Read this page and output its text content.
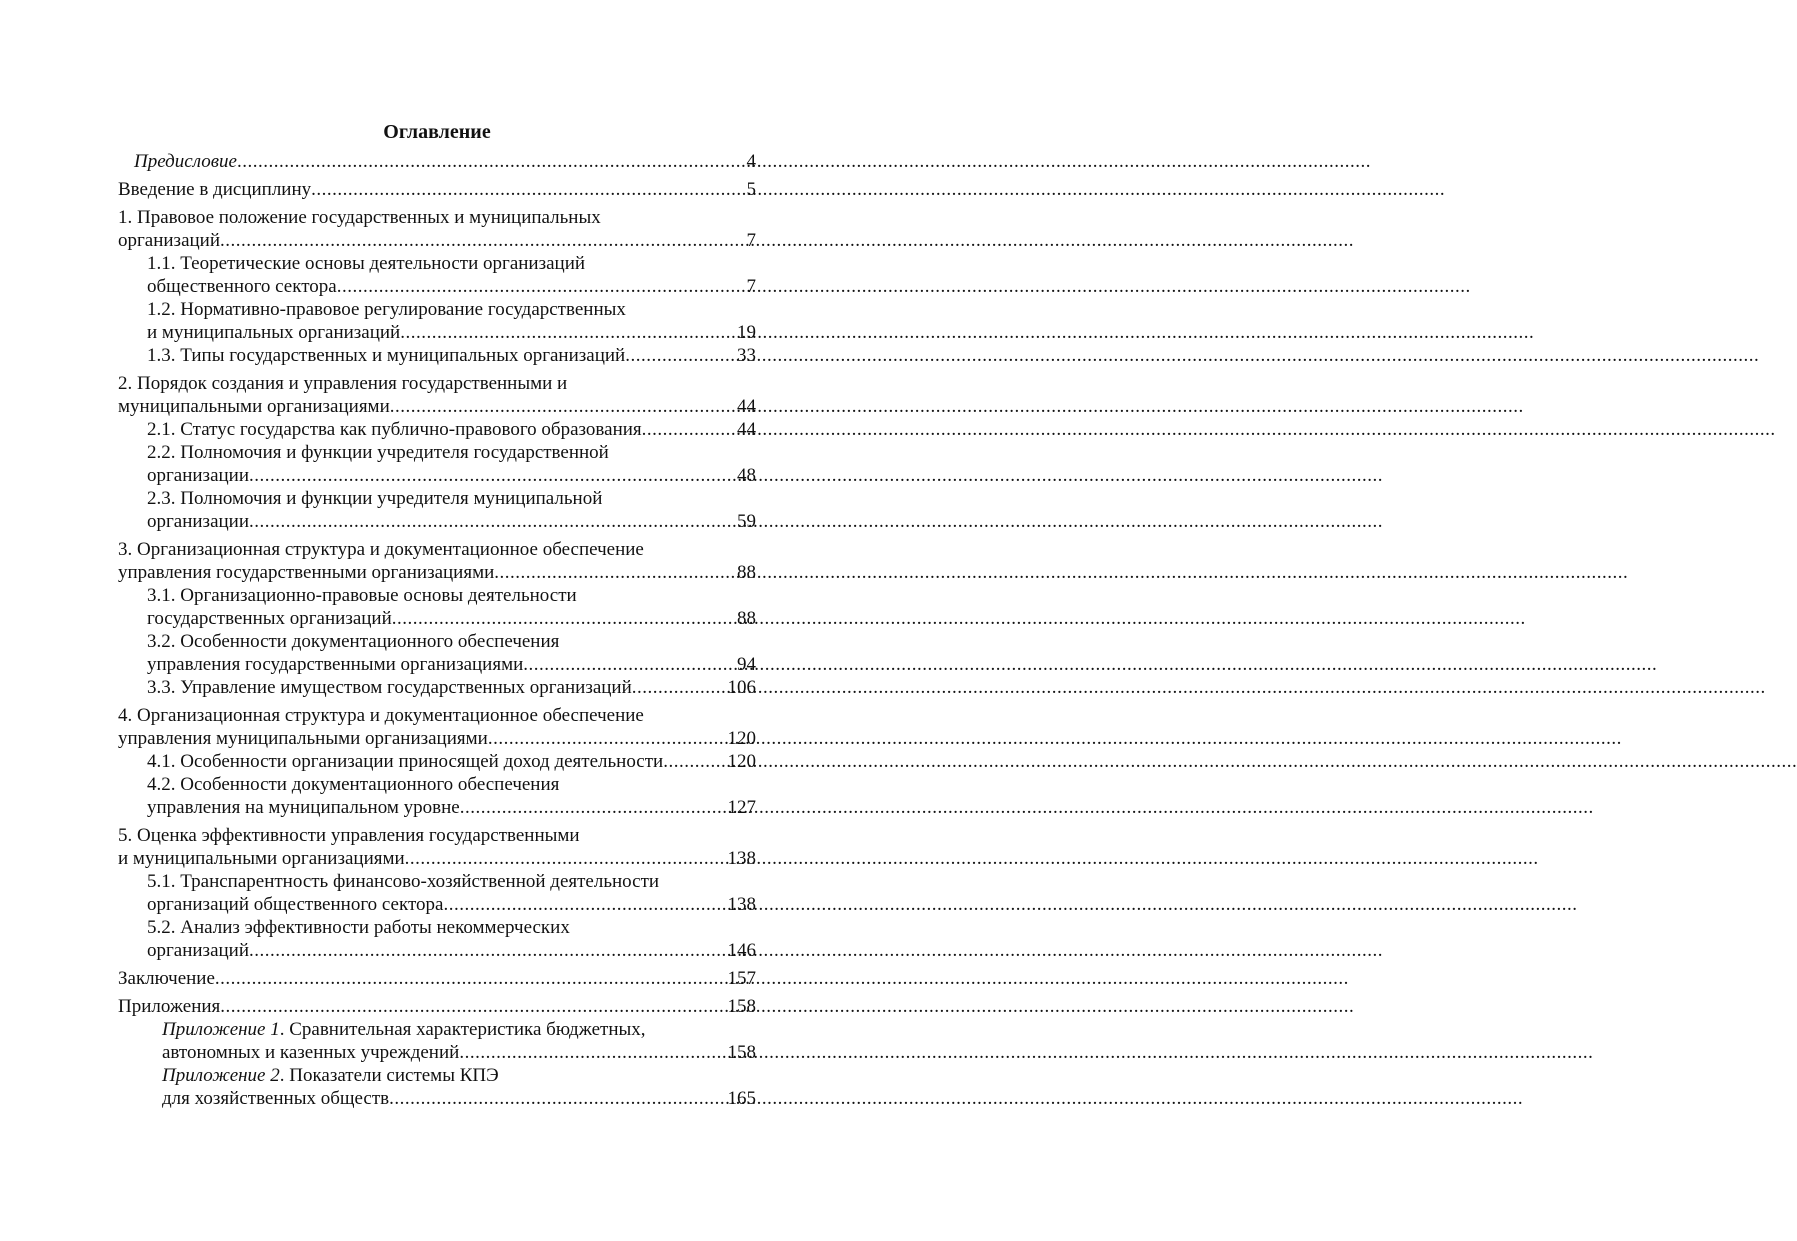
Оглавление
Предисловие .....	4
Введение в дисциплину .....	5
1. Правовое положение государственных и муниципальных
организаций .....	7
1.1. Теоретические основы деятельности организаций
общественного сектора .....	7
1.2. Нормативно-правовое регулирование государственных
и муниципальных организаций .....	19
1.3. Типы государственных и муниципальных организаций .....	33
2. Порядок создания и управления государственными и
муниципальными организациями .....	44
2.1. Статус государства как публично-правового образования .....	44
2.2. Полномочия и функции учредителя государственной
организации .....	48
2.3. Полномочия и функции учредителя муниципальной
организации .....	59
3. Организационная структура и документационное обеспечение
управления государственными организациями .....	88
3.1. Организационно-правовые основы деятельности
государственных организаций .....	88
3.2. Особенности документационного обеспечения
управления государственными организациями .....	94
3.3. Управление имуществом государственных организаций .....	106
4. Организационная структура и документационное обеспечение
управления муниципальными организациями .....	120
4.1. Особенности организации приносящей доход деятельности .....	120
4.2. Особенности документационного обеспечения
управления на муниципальном уровне .....	127
5. Оценка эффективности управления государственными
и муниципальными организациями .....	138
5.1. Транспарентность финансово-хозяйственной деятельности
организаций общественного сектора .....	138
5.2. Анализ эффективности работы некоммерческих
организаций .....	146
Заключение .....	157
Приложения .....	158
Приложение 1. Сравнительная характеристика бюджетных,
автономных и казенных учреждений .....	158
Приложение 2. Показатели системы КПЭ
для хозяйственных обществ .....	165
